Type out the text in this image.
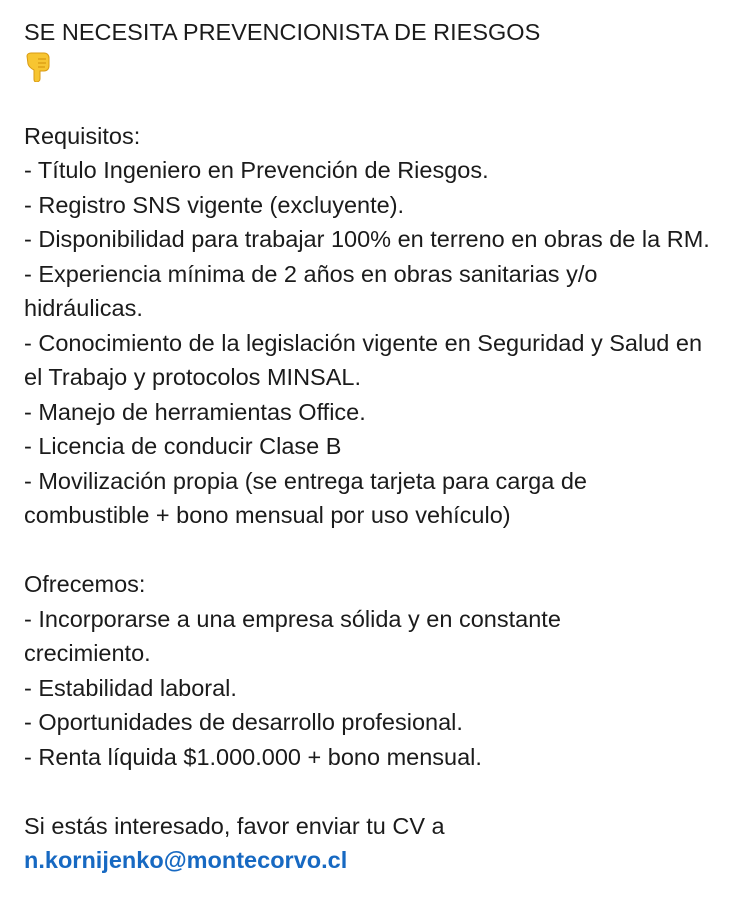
SE NECESITA PREVENCIONISTA DE RIESGOS
Requisitos:
- Título Ingeniero en Prevención de Riesgos.
- Registro SNS vigente (excluyente).
- Disponibilidad para trabajar 100% en terreno en obras de la RM.
- Experiencia mínima de 2 años en obras sanitarias y/o hidráulicas.
- Conocimiento de la legislación vigente en Seguridad y Salud en el Trabajo y protocolos MINSAL.
- Manejo de herramientas Office.
- Licencia de conducir Clase B
- Movilización propia (se entrega tarjeta para carga de combustible + bono mensual por uso vehículo)
Ofrecemos:
- Incorporarse a una empresa sólida y en constante crecimiento.
- Estabilidad laboral.
- Oportunidades de desarrollo profesional.
- Renta líquida $1.000.000 + bono mensual.
Si estás interesado, favor enviar tu CV a
n.kornijenko@montecorvo.cl
